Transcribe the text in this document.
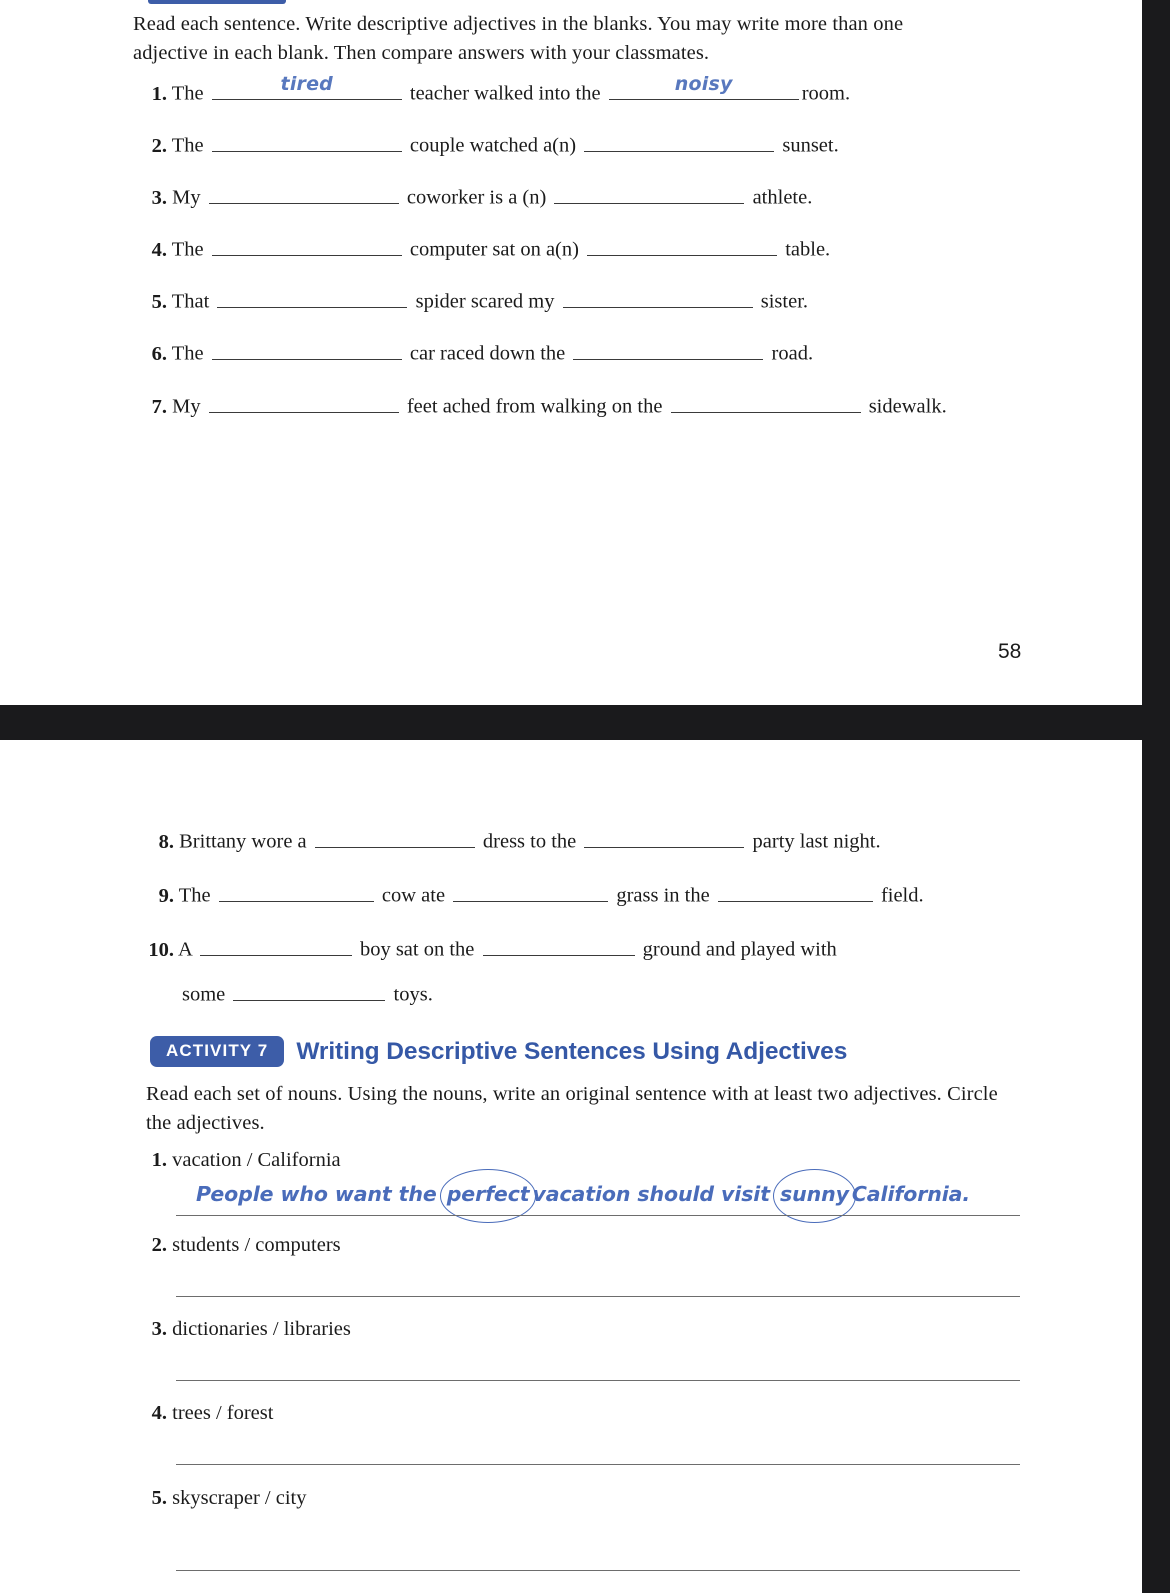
Read each sentence. Write descriptive adjectives in the blanks. You may write more than one adjective in each blank. Then compare answers with your classmates.
1. The	tired	teacher walked into the	noisy	room.
2. The	couple watched a(n)	sunset.
3. My	coworker is a (n)	athlete.
4. The	computer sat on a(n)	table.
5. That	spider scared my	sister.
6. The	car raced down the	road.
7. My	feet ached from walking on the	sidewalk.
58
8. Brittany wore a	dress to the	party last night.
9. The	cow ate	grass in the	field.
10. A	boy sat on the	ground and played with
some	toys.
ACTIVITY 7	Writing Descriptive Sentences Using Adjectives
Read each set of nouns. Using the nouns, write an original sentence with at least two adjectives. Circle the adjectives.
1. vacation / California
People who want the perfect vacation should visit sunny California.
2. students / computers
3. dictionaries / libraries
4. trees / forest
5. skyscraper / city
